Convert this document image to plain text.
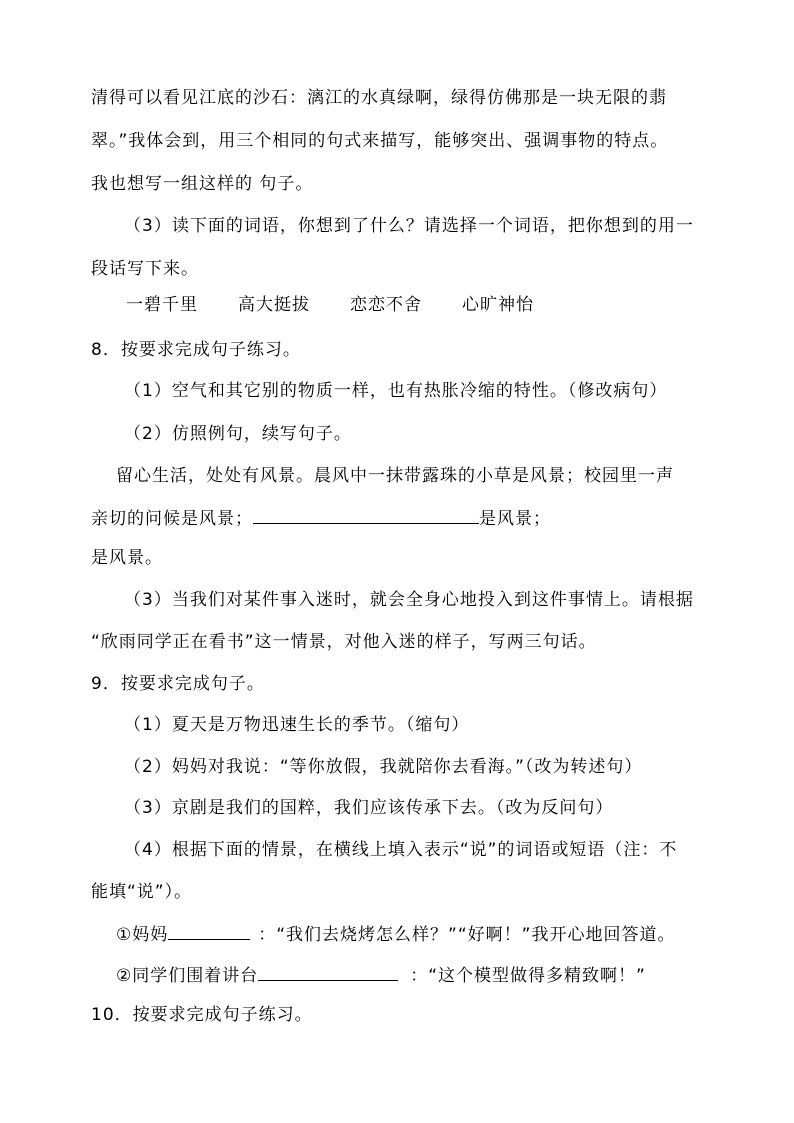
清得可以看见江底的沙石：漓江的水真绿啊，绿得仿佛那是一块无限的翡
翠。”我体会到，用三个相同的句式来描写，能够突出、强调事物的特点。
我也想写一组这样的 句子。
（3）读下面的词语，你想到了什么？请选择一个词语，把你想到的用一
段话写下来。
一碧千里 高大挺拔 恋恋不舍 心旷神怡
8．按要求完成句子练习。
（1）空气和其它别的物质一样，也有热胀冷缩的特性。（修改病句）
（2）仿照例句，续写句子。
留心生活，处处有风景。晨风中一抹带露珠的小草是风景；校园里一声
亲切的问候是风景；	是风景；
是风景。
（3）当我们对某件事入迷时，就会全身心地投入到这件事情上。请根据
“欣雨同学正在看书”这一情景，对他入迷的样子，写两三句话。
9．按要求完成句子。
（1）夏天是万物迅速生长的季节。（缩句）
（2）妈妈对我说：“等你放假，我就陪你去看海。”（改为转述句）
（3）京剧是我们的国粹，我们应该传承下去。（改为反问句）
（4）根据下面的情景，在横线上填入表示“说”的词语或短语（注：不
能填“说”）。
①妈妈	：“我们去烧烤怎么样？”“好啊！”我开心地回答道。
②同学们围着讲台	：“这个模型做得多精致啊！”
10．按要求完成句子练习。
